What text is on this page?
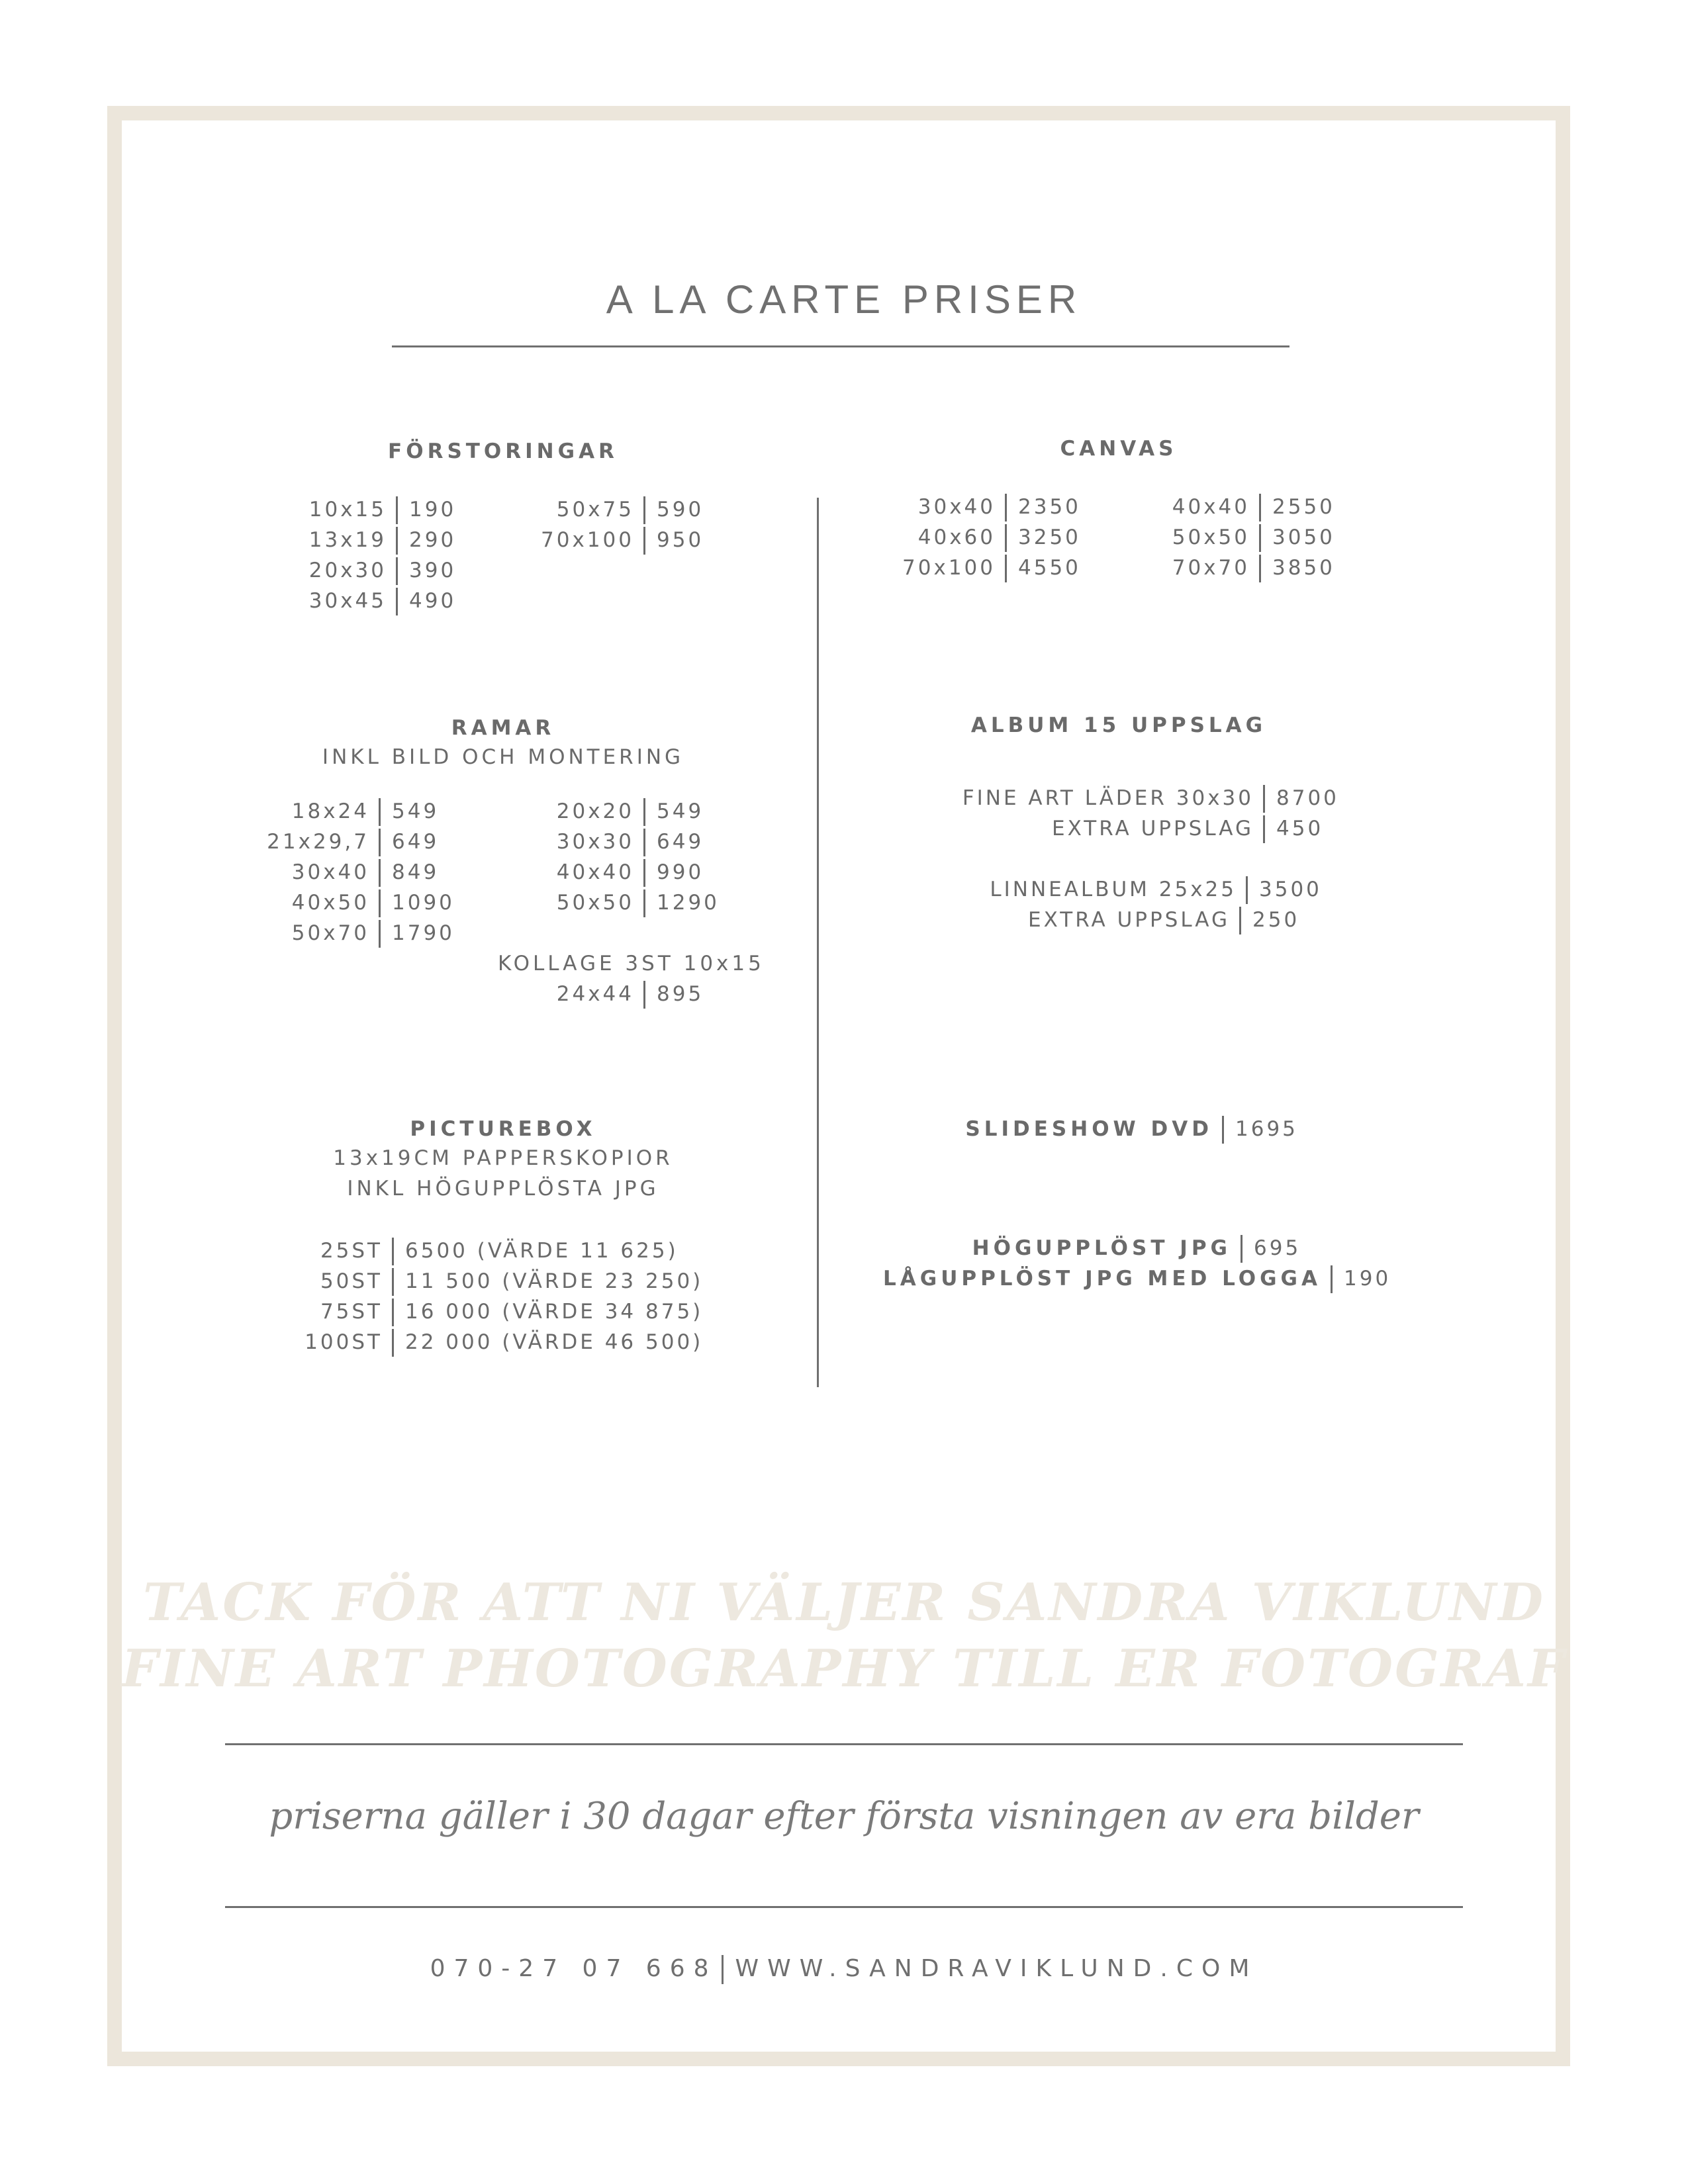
A LA CARTE PRISER
FÖRSTORINGAR
10x15 190
13x19 290
20x30 390
30x45 490
50x75 590
70x100 950
CANVAS
30x40 2350
40x60 3250
70x100 4550
40x40 2550
50x50 3050
70x70 3850
RAMAR
INKL BILD OCH MONTERING
18x24 549
21x29,7 649
30x40 849
40x50 1090
50x70 1790
20x20 549
30x30 649
40x40 990
50x50 1290
KOLLAGE 3ST 10x15
24x44 895
ALBUM 15 UPPSLAG
FINE ART LÄDER 30x30 8700
EXTRA UPPSLAG 450
LINNEALBUM 25x25 3500
EXTRA UPPSLAG 250
PICTUREBOX
13x19CM PAPPERSKOPIOR
INKL HÖGUPPLÖSTA JPG
25ST 6500 (VÄRDE 11 625)
50ST 11 500 (VÄRDE 23 250)
75ST 16 000 (VÄRDE 34 875)
100ST 22 000 (VÄRDE 46 500)
SLIDESHOW DVD 1695
HÖGUPPLÖST JPG 695
LÅGUPPLÖST JPG MED LOGGA 190
TACK FÖR ATT NI VÄLJER SANDRA VIKLUND
FINE ART PHOTOGRAPHY TILL ER FOTOGRAF
priserna gäller i 30 dagar efter första visningen av era bilder
070-27 07 668 WWW.SANDRAVIKLUND.COM
